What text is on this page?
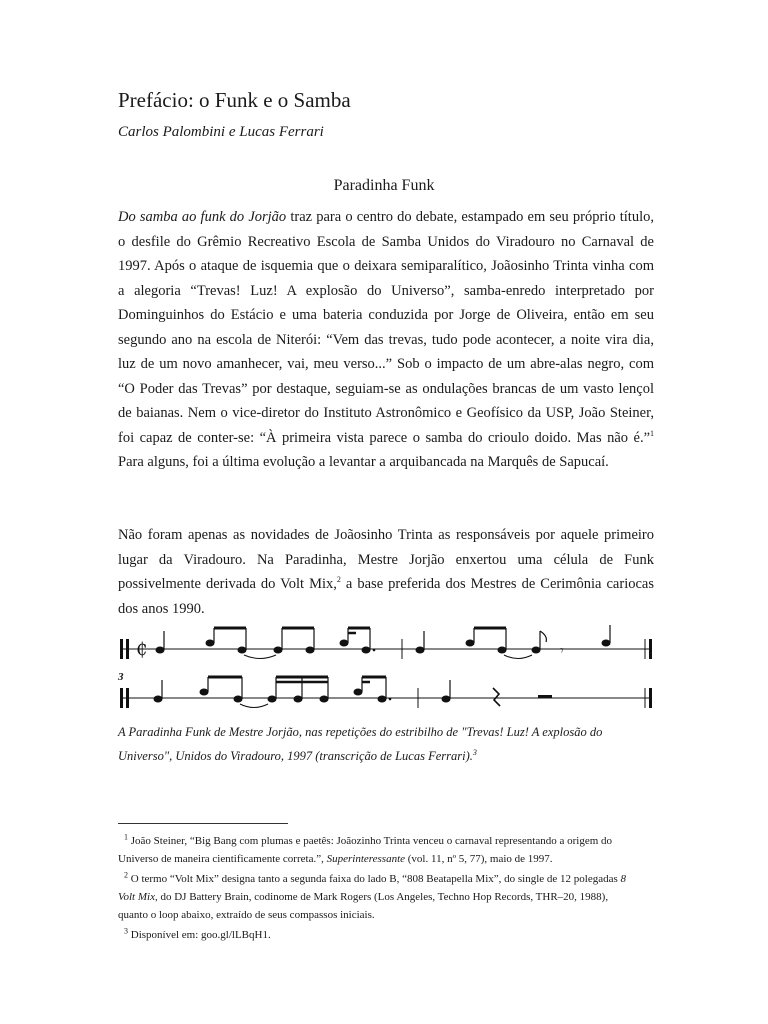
Prefácio: o Funk e o Samba
Carlos Palombini e Lucas Ferrari
Paradinha Funk
Do samba ao funk do Jorjão traz para o centro do debate, estampado em seu próprio título, o desfile do Grêmio Recreativo Escola de Samba Unidos do Viradouro no Carnaval de 1997. Após o ataque de isquemia que o deixara semiparalítico, Joãosinho Trinta vinha com a alegoria “Trevas! Luz! A explosão do Universo”, samba-enredo interpretado por Dominguinhos do Estácio e uma bateria conduzida por Jorge de Oliveira, então em seu segundo ano na escola de Niterói: “Vem das trevas, tudo pode acontecer, a noite vira dia, luz de um novo amanhecer, vai, meu verso...” Sob o impacto de um abre-alas negro, com “O Poder das Trevas” por destaque, seguiam-se as ondulações brancas de um vasto lençol de baianas. Nem o vice-diretor do Instituto Astronômico e Geofísico da USP, João Steiner, foi capaz de conter-se: “À primeira vista parece o samba do crioulo doido. Mas não é.”$^1$ Para alguns, foi a última evolução a levantar a arquibancada na Marquês de Sapucaí.
Não foram apenas as novidades de Joãosinho Trinta as responsáveis por aquele primeiro lugar da Viradouro. Na Paradinha, Mestre Jorjão enxertou uma célula de Funk possivelmente derivada do Volt Mix,$^2$ a base preferida dos Mestres de Cerimônia cariocas dos anos 1990.
₵	𝄾
3
A Paradinha Funk de Mestre Jorjão, nas repetições do estribilho de "Trevas! Luz! A explosão do Universo", Unidos do Viradouro, 1997 (transcrição de Lucas Ferrari).$^3$
$^1$ João Steiner, “Big Bang com plumas e paetês: Joãozinho Trinta venceu o carnaval representando a origem do Universo de maneira cientificamente correta.”, Superinteressante (vol. 11, nº 5, 77), maio de 1997.
$^2$ O termo “Volt Mix” designa tanto a segunda faixa do lado B, “808 Beatapella Mix”, do single de 12 polegadas 8 Volt Mix, do DJ Battery Brain, codinome de Mark Rogers (Los Angeles, Techno Hop Records, THR–20, 1988), quanto o loop abaixo, extraído de seus compassos iniciais.
$^3$ Disponível em: goo.gl/lLBqH1.
